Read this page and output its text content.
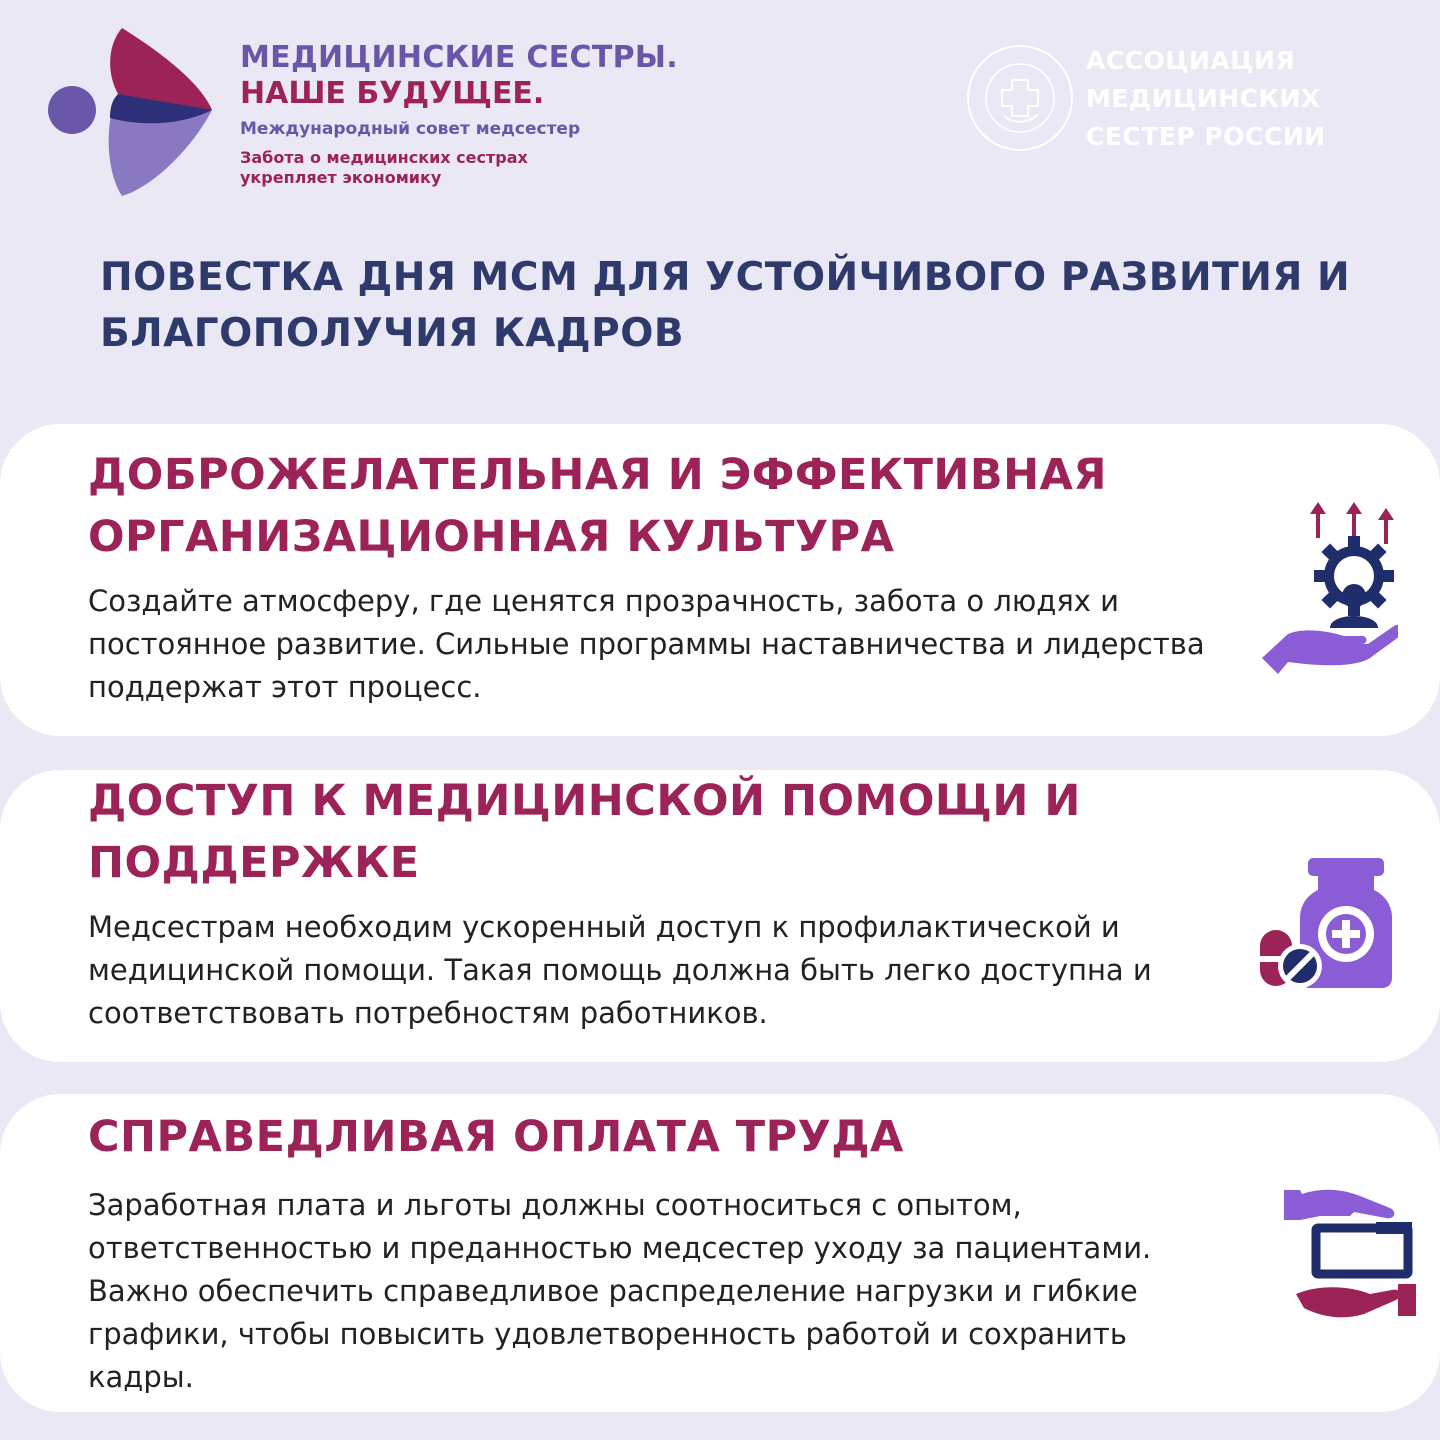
МЕДИЦИНСКИЕ СЕСТРЫ.
НАШЕ БУДУЩЕЕ.
Международный совет медсестер
Забота о медицинских сестрах укрепляет экономику
АССОЦИАЦИЯ МЕДИЦИНСКИХ СЕСТЕР РОССИИ
ПОВЕСТКА ДНЯ МСМ ДЛЯ УСТОЙЧИВОГО РАЗВИТИЯ И БЛАГОПОЛУЧИЯ КАДРОВ
ДОБРОЖЕЛАТЕЛЬНАЯ И ЭФФЕКТИВНАЯ ОРГАНИЗАЦИОННАЯ КУЛЬТУРА

Создайте атмосферу, где ценятся прозрачность, забота о людях и постоянное развитие. Сильные программы наставничества и лидерства поддержат этот процесс.

ДОСТУП К МЕДИЦИНСКОЙ ПОМОЩИ И ПОДДЕРЖКЕ

Медсестрам необходим ускоренный доступ к профилактической и медицинской помощи. Такая помощь должна быть легко доступна и соответствовать потребностям работников.

СПРАВЕДЛИВАЯ ОПЛАТА ТРУДА

Заработная плата и льготы должны соотноситься с опытом, ответственностью и преданностью медсестер уходу за пациентами. Важно обеспечить справедливое распределение нагрузки и гибкие графики, чтобы повысить удовлетворенность работой и сохранить кадры.
